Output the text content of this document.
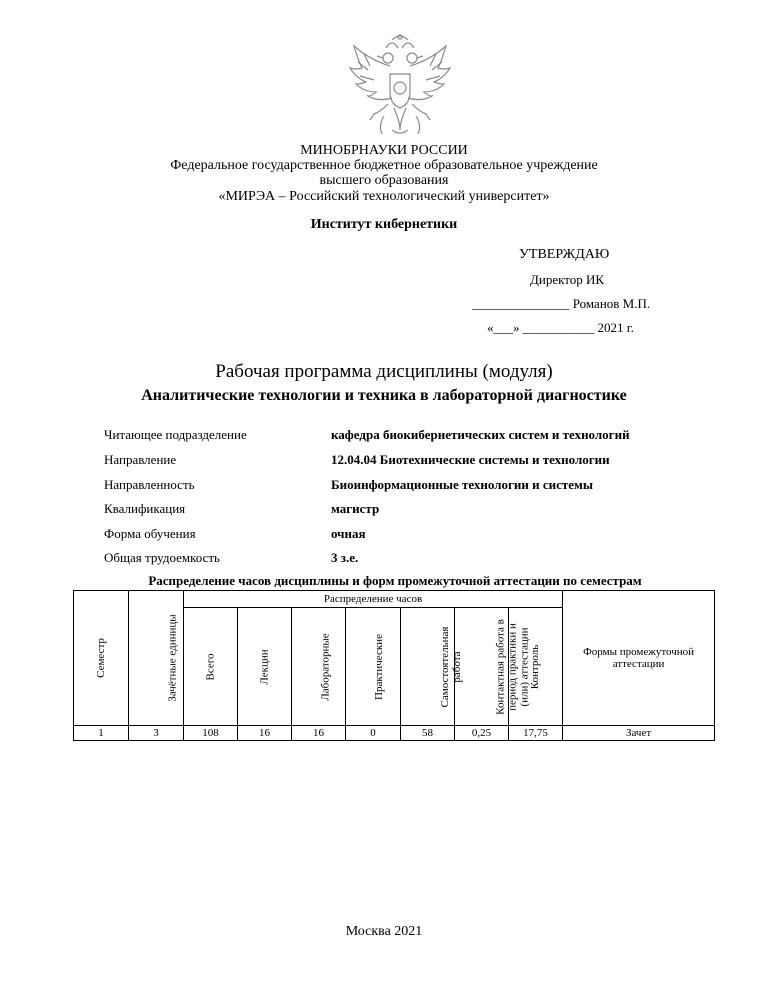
МИНОБРНАУКИ РОССИИ
Федеральное государственное бюджетное образовательное учреждение
высшего образования
«МИРЭА – Российский технологический университет»
Институт кибернетики
УТВЕРЖДАЮ
Директор ИК
_______________ Романов М.П.
«___» ___________ 2021 г.
Рабочая программа дисциплины (модуля)
Аналитические технологии и техника в лабораторной диагностике
Читающее подразделение	кафедра биокибернетических систем и технологий
Направление	12.04.04 Биотехнические системы и технологии
Направленность	Биоинформационные технологии и системы
Квалификация	магистр
Форма обучения	очная
Общая трудоемкость	3 з.е.
Распределение часов дисциплины и форм промежуточной аттестации по семестрам
Семестр	Зачётные единицы	Распределение часов							Формы промежуточной аттестации
		Всего	Лекции	Лабораторные	Практические	Самостоятельная работа	Контактная работа в период практики и (или) аттестации	Контроль	
1	3	108	16	16	0	58	0,25	17,75	Зачет
Москва 2021
